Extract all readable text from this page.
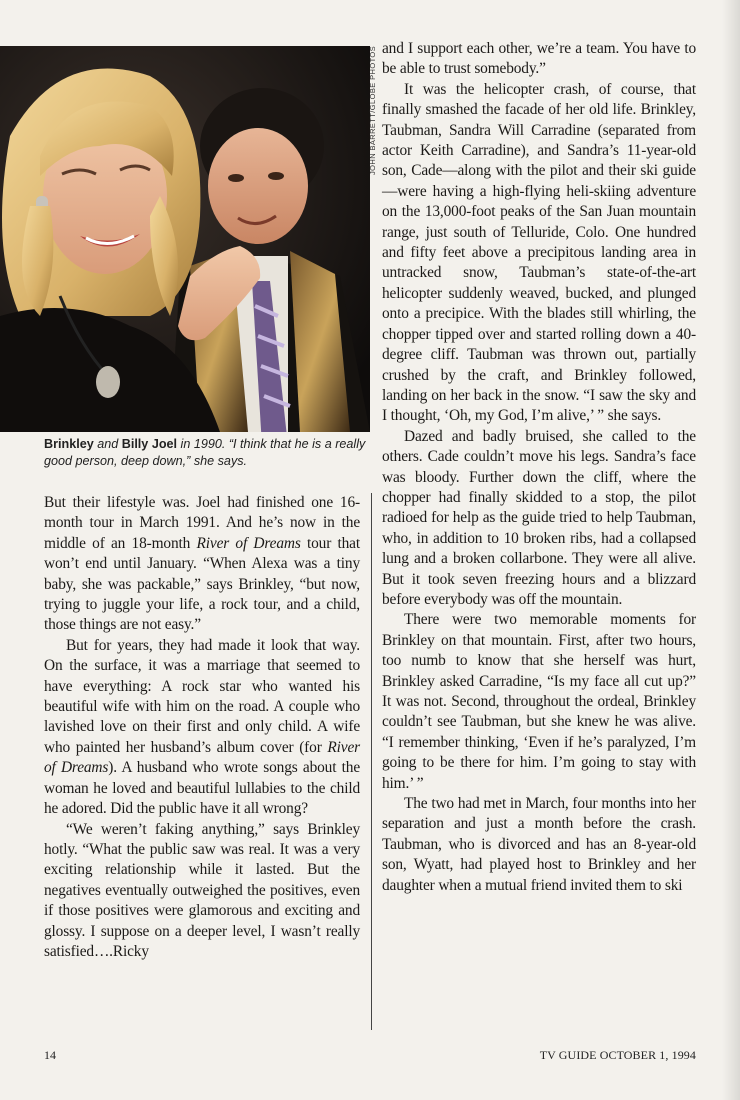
JOHN BARRETT/GLOBE PHOTOS
Brinkley and Billy Joel in 1990. “I think that he is a really good person, deep down,” she says.

and I support each other, we’re a team. You have to be able to trust somebody.”

It was the helicopter crash, of course, that finally smashed the facade of her old life. Brinkley, Taubman, Sandra Will Carradine (separated from actor Keith Carradine), and Sandra’s 11-year-old son, Cade—along with the pilot and their ski guide—were having a high-flying heli-skiing adventure on the 13,000-foot peaks of the San Juan mountain range, just south of Telluride, Colo. One hundred and fifty feet above a precipitous landing area in untracked snow, Taubman’s state-of-the-art helicopter suddenly weaved, bucked, and plunged onto a precipice. With the blades still whirling, the chopper tipped over and started rolling down a 40-degree cliff. Taubman was thrown out, partially crushed by the craft, and Brinkley followed, landing on her back in the snow. “I saw the sky and I thought, ‘Oh, my God, I’m alive,’ ” she says.

Dazed and badly bruised, she called to the others. Cade couldn’t move his legs. Sandra’s face was bloody. Further down the cliff, where the chopper had finally skidded to a stop, the pilot radioed for help as the guide tried to help Taubman, who, in addition to 10 broken ribs, had a collapsed lung and a broken collarbone. They were all alive. But it took seven freezing hours and a blizzard before everybody was off the mountain.

There were two memorable moments for Brinkley on that mountain. First, after two hours, too numb to know that she herself was hurt, Brinkley asked Carradine, “Is my face all cut up?” It was not. Second, throughout the ordeal, Brinkley couldn’t see Taubman, but she knew he was alive. “I remember thinking, ‘Even if he’s paralyzed, I’m going to be there for him. I’m going to stay with him.’ ”

The two had met in March, four months into her separation and just a month before the crash. Taubman, who is divorced and has an 8-year-old son, Wyatt, had played host to Brinkley and her daughter when a mutual friend invited them to ski

But their lifestyle was. Joel had finished one 16-month tour in March 1991. And he’s now in the middle of an 18-month River of Dreams tour that won’t end until January. “When Alexa was a tiny baby, she was packable,” says Brinkley, “but now, trying to juggle your life, a rock tour, and a child, those things are not easy.”

But for years, they had made it look that way. On the surface, it was a marriage that seemed to have everything: A rock star who wanted his beautiful wife with him on the road. A couple who lavished love on their first and only child. A wife who painted her husband’s album cover (for River of Dreams). A husband who wrote songs about the woman he loved and beautiful lullabies to the child he adored. Did the public have it all wrong?

“We weren’t faking anything,” says Brinkley hotly. “What the public saw was real. It was a very exciting relationship while it lasted. But the negatives eventually outweighed the positives, even if those positives were glamorous and exciting and glossy. I suppose on a deeper level, I wasn’t really satisfied….Ricky

14	TV GUIDE OCTOBER 1, 1994
